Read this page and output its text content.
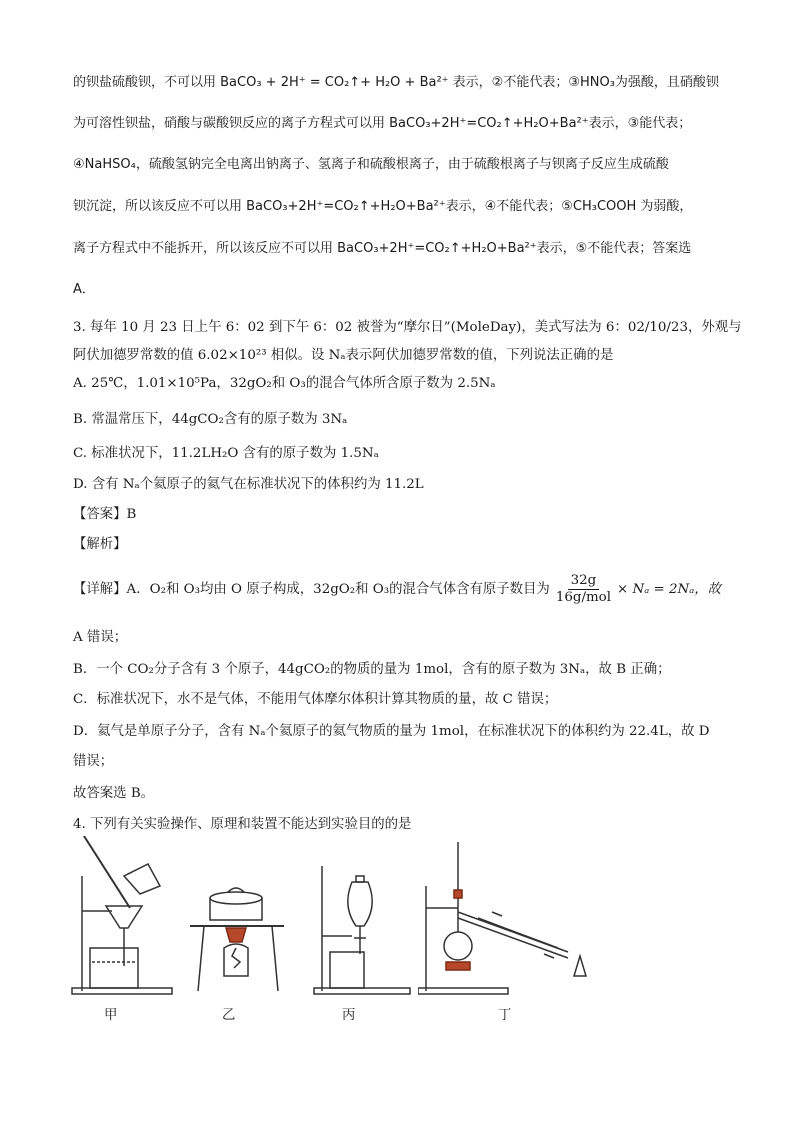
的钡盐硫酸钡，不可以用 BaCO₃ + 2H⁺ = CO₂↑+ H₂O + Ba²⁺ 表示，②不能代表；③HNO₃为强酸，且硝酸钡
为可溶性钡盐，硝酸与碳酸钡反应的离子方程式可以用 BaCO₃+2H⁺=CO₂↑+H₂O+Ba²⁺表示，③能代表；
④NaHSO₄，硫酸氢钠完全电离出钠离子、氢离子和硫酸根离子，由于硫酸根离子与钡离子反应生成硫酸
钡沉淀，所以该反应不可以用 BaCO₃+2H⁺=CO₂↑+H₂O+Ba²⁺表示，④不能代表；⑤CH₃COOH 为弱酸，
离子方程式中不能拆开，所以该反应不可以用 BaCO₃+2H⁺=CO₂↑+H₂O+Ba²⁺表示，⑤不能代表；答案选
A．
3. 每年 10 月 23 日上午 6：02 到下午 6：02 被誉为“摩尔日”(MoleDay)，美式写法为 6：02/10/23，外观与
阿伏加德罗常数的值 6.02×10²³ 相似。设 Nₐ表示阿伏加德罗常数的值，下列说法正确的是
A. 25℃，1.01×10⁵Pa，32gO₂和 O₃的混合气体所含原子数为 2.5Nₐ
B. 常温常压下，44gCO₂含有的原子数为 3Nₐ
C. 标准状况下，11.2LH₂O 含有的原子数为 1.5Nₐ
D. 含有 Nₐ个氦原子的氦气在标准状况下的体积约为 11.2L
【答案】B
【解析】
【详解】A．O₂和 O₃均由 O 原子构成，32gO₂和 O₃的混合气体含有原子数目为 $\frac{32g}{\text{16g/mol}} \times N_a = 2N_a$，故
A 错误；
B．一个 CO₂分子含有 3 个原子，44gCO₂的物质的量为 1mol，含有的原子数为 3Nₐ，故 B 正确；
C．标准状况下，水不是气体，不能用气体摩尔体积计算其物质的量，故 C 错误；
D．氦气是单原子分子，含有 Nₐ个氦原子的氦气物质的量为 1mol，在标准状况下的体积约为 22.4L，故 D
错误；
故答案选 B。
4. 下列有关实验操作、原理和装置不能达到实验目的的是
甲	乙	丙	丁
